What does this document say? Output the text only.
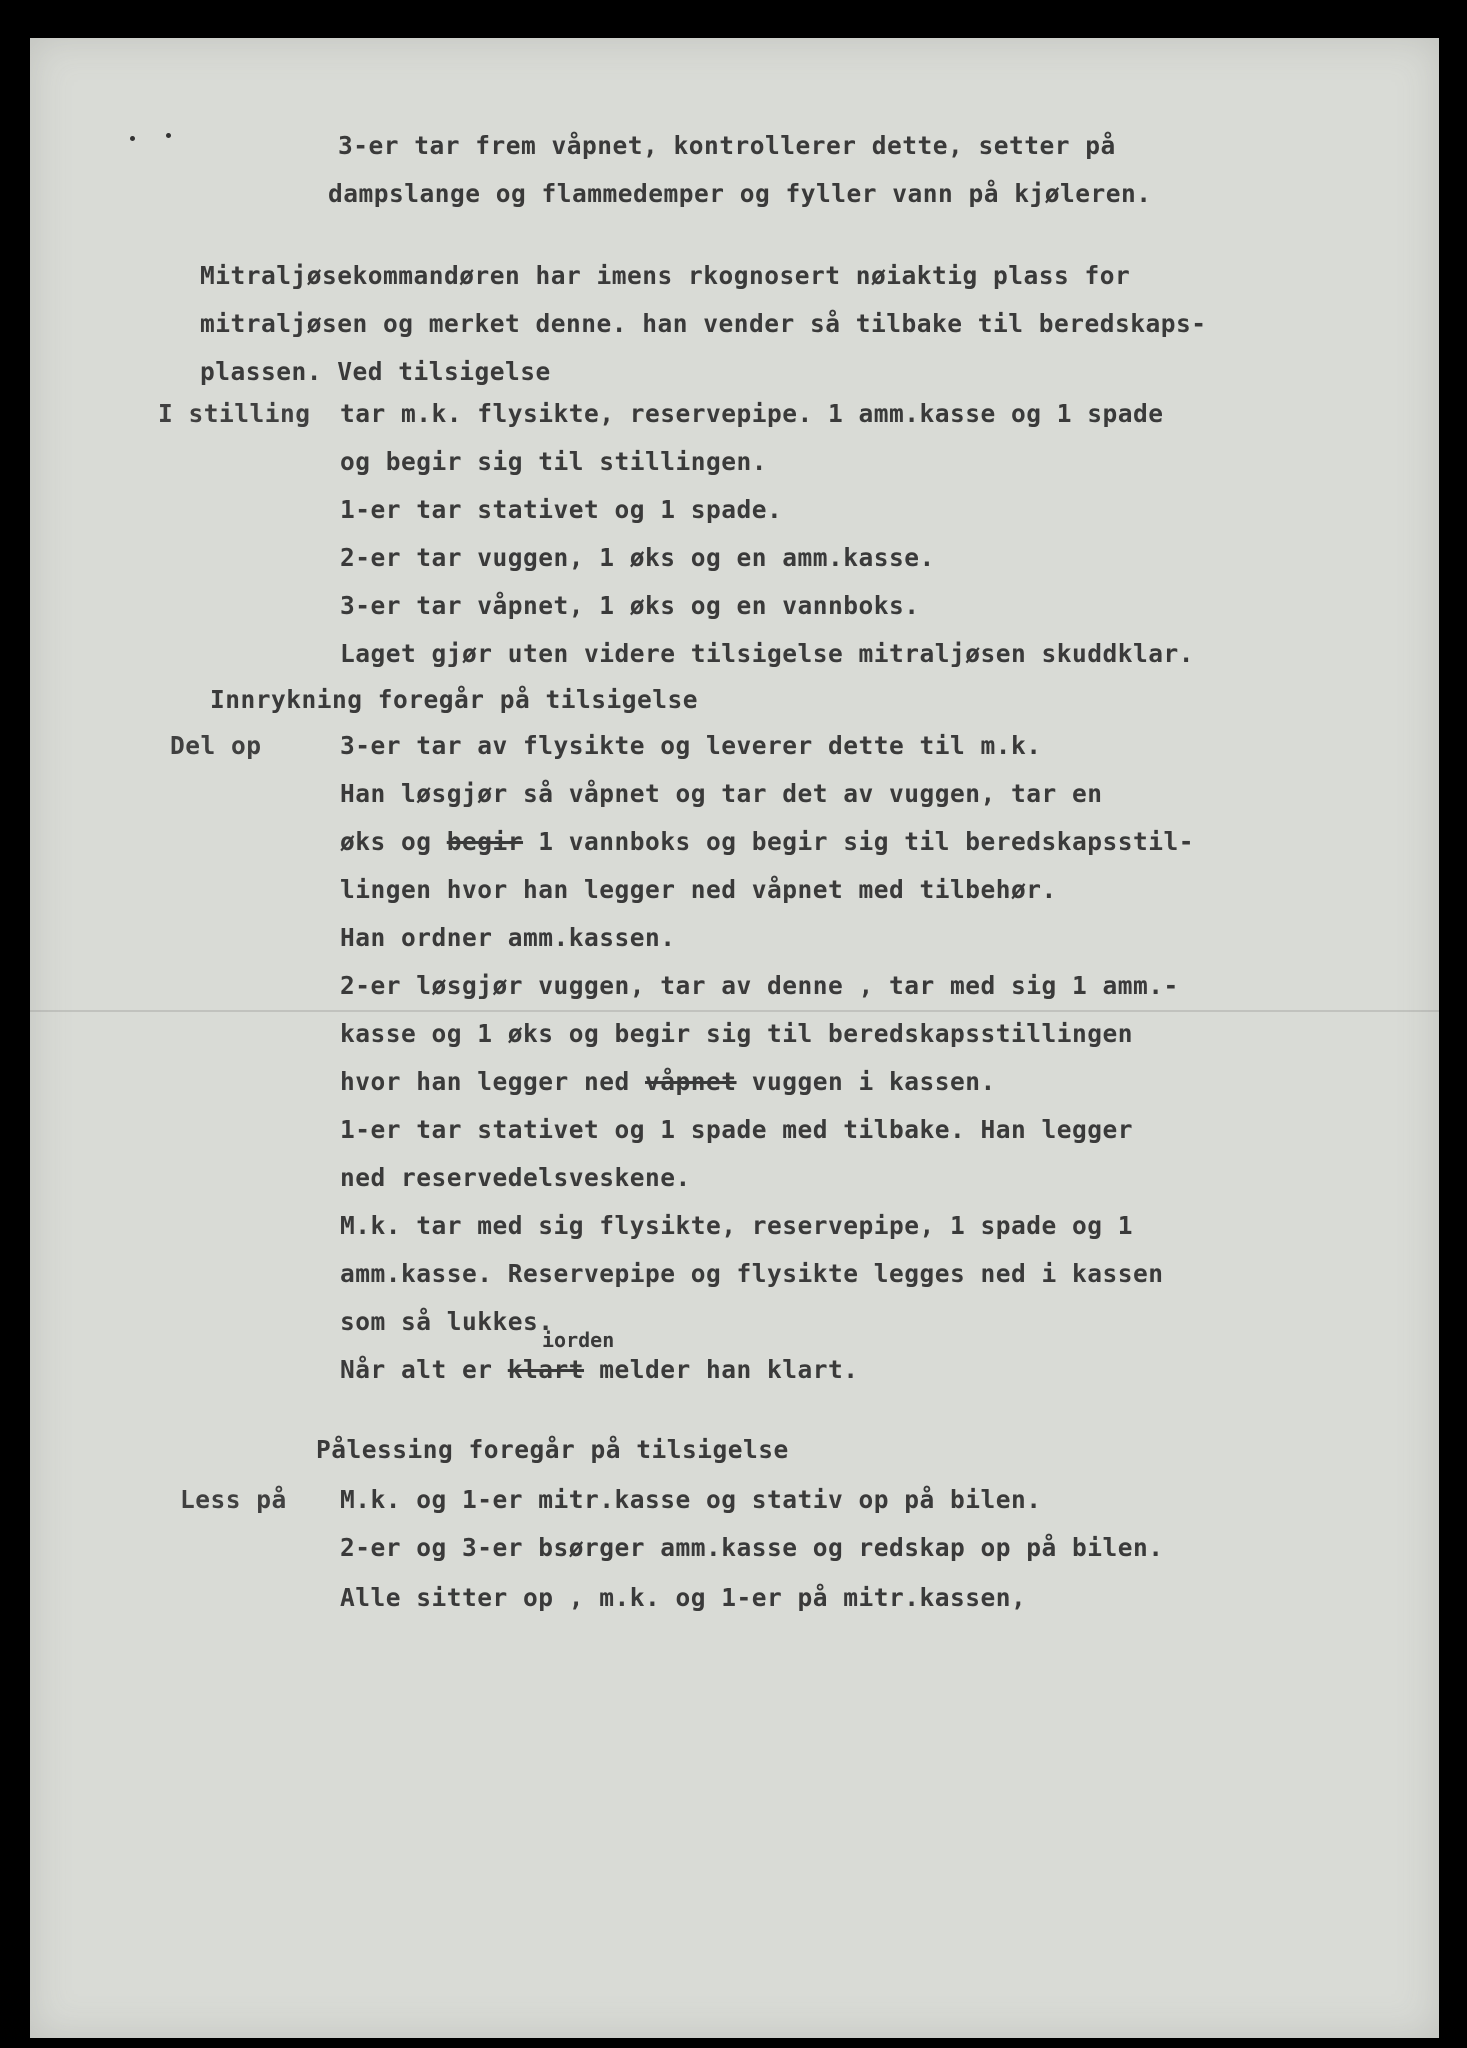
3-er tar frem våpnet, kontrollerer dette, setter på
dampslange og flammedemper og fyller vann på kjøleren.
Mitraljøsekommandøren har imens rkognosert nøiaktig plass for
mitraljøsen og merket denne. han vender så tilbake til beredskaps-
plassen. Ved tilsigelse
I stilling tar m.k. flysikte, reservepipe. 1 amm.kasse og 1 spade
og begir sig til stillingen.
1-er tar stativet og 1 spade.
2-er tar vuggen, 1 øks og en amm.kasse.
3-er tar våpnet, 1 øks og en vannboks.
Laget gjør uten videre tilsigelse mitraljøsen skuddklar.
Innrykning foregår på tilsigelse
Del op	3-er tar av flysikte og leverer dette til m.k.
Han løsgjør så våpnet og tar det av vuggen, tar en
øks og begir 1 vannboks og begir sig til beredskapsstil-
lingen hvor han legger ned våpnet med tilbehør.
Han ordner amm.kassen.
2-er løsgjør vuggen, tar av denne , tar med sig 1 amm.-
kasse og 1 øks og begir sig til beredskapsstillingen
hvor han legger ned våpnet vuggen i kassen.
1-er tar stativet og 1 spade med tilbake. Han legger
ned reservedelsveskene.
M.k. tar med sig flysikte, reservepipe, 1 spade og 1
amm.kasse. Reservepipe og flysikte legges ned i kassen
som så lukkes.
iorden
Når alt er klart melder han klart.
Pålessing foregår på tilsigelse
Less på M.k. og 1-er mitr.kasse og stativ op på bilen.
2-er og 3-er bsørger amm.kasse og redskap op på bilen.
Alle sitter op , m.k. og 1-er på mitr.kassen,
